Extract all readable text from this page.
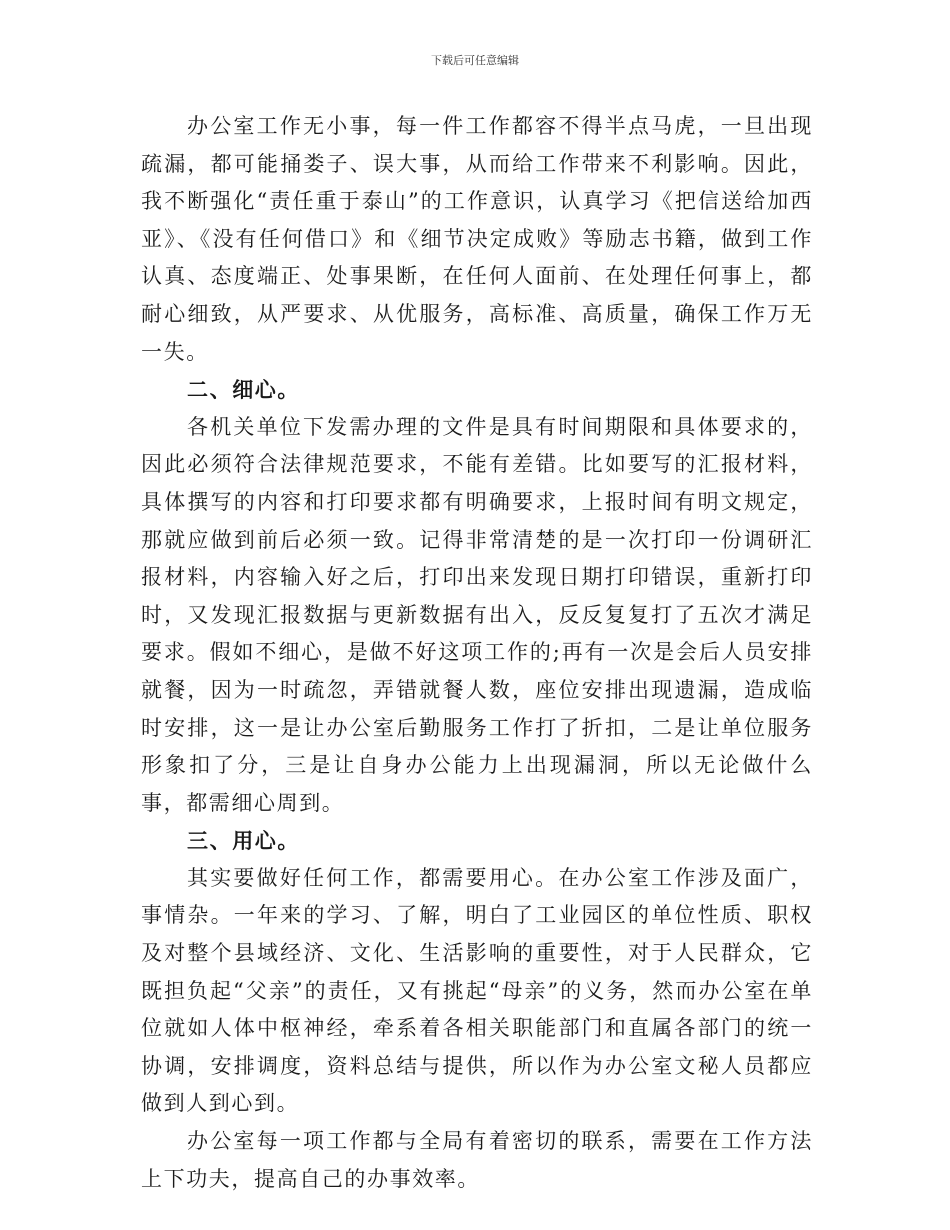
下载后可任意编辑

办公室工作无小事，每一件工作都容不得半点马虎，一旦出现疏漏，都可能捅娄子、误大事，从而给工作带来不利影响。因此，我不断强化“责任重于泰山”的工作意识，认真学习《把信送给加西亚》、《没有任何借口》和《细节决定成败》等励志书籍，做到工作认真、态度端正、处事果断，在任何人面前、在处理任何事上，都耐心细致，从严要求、从优服务，高标准、高质量，确保工作万无一失。

二、细心。

各机关单位下发需办理的文件是具有时间期限和具体要求的，因此必须符合法律规范要求，不能有差错。比如要写的汇报材料，具体撰写的内容和打印要求都有明确要求，上报时间有明文规定，那就应做到前后必须一致。记得非常清楚的是一次打印一份调研汇报材料，内容输入好之后，打印出来发现日期打印错误，重新打印时，又发现汇报数据与更新数据有出入，反反复复打了五次才满足要求。假如不细心，是做不好这项工作的;再有一次是会后人员安排就餐，因为一时疏忽，弄错就餐人数，座位安排出现遗漏，造成临时安排，这一是让办公室后勤服务工作打了折扣，二是让单位服务形象扣了分，三是让自身办公能力上出现漏洞，所以无论做什么事，都需细心周到。

三、用心。

其实要做好任何工作，都需要用心。在办公室工作涉及面广，事情杂。一年来的学习、了解，明白了工业园区的单位性质、职权及对整个县域经济、文化、生活影响的重要性，对于人民群众，它既担负起“父亲”的责任，又有挑起“母亲”的义务，然而办公室在单位就如人体中枢神经，牵系着各相关职能部门和直属各部门的统一协调，安排调度，资料总结与提供，所以作为办公室文秘人员都应做到人到心到。

办公室每一项工作都与全局有着密切的联系，需要在工作方法上下功夫，提高自己的办事效率。
